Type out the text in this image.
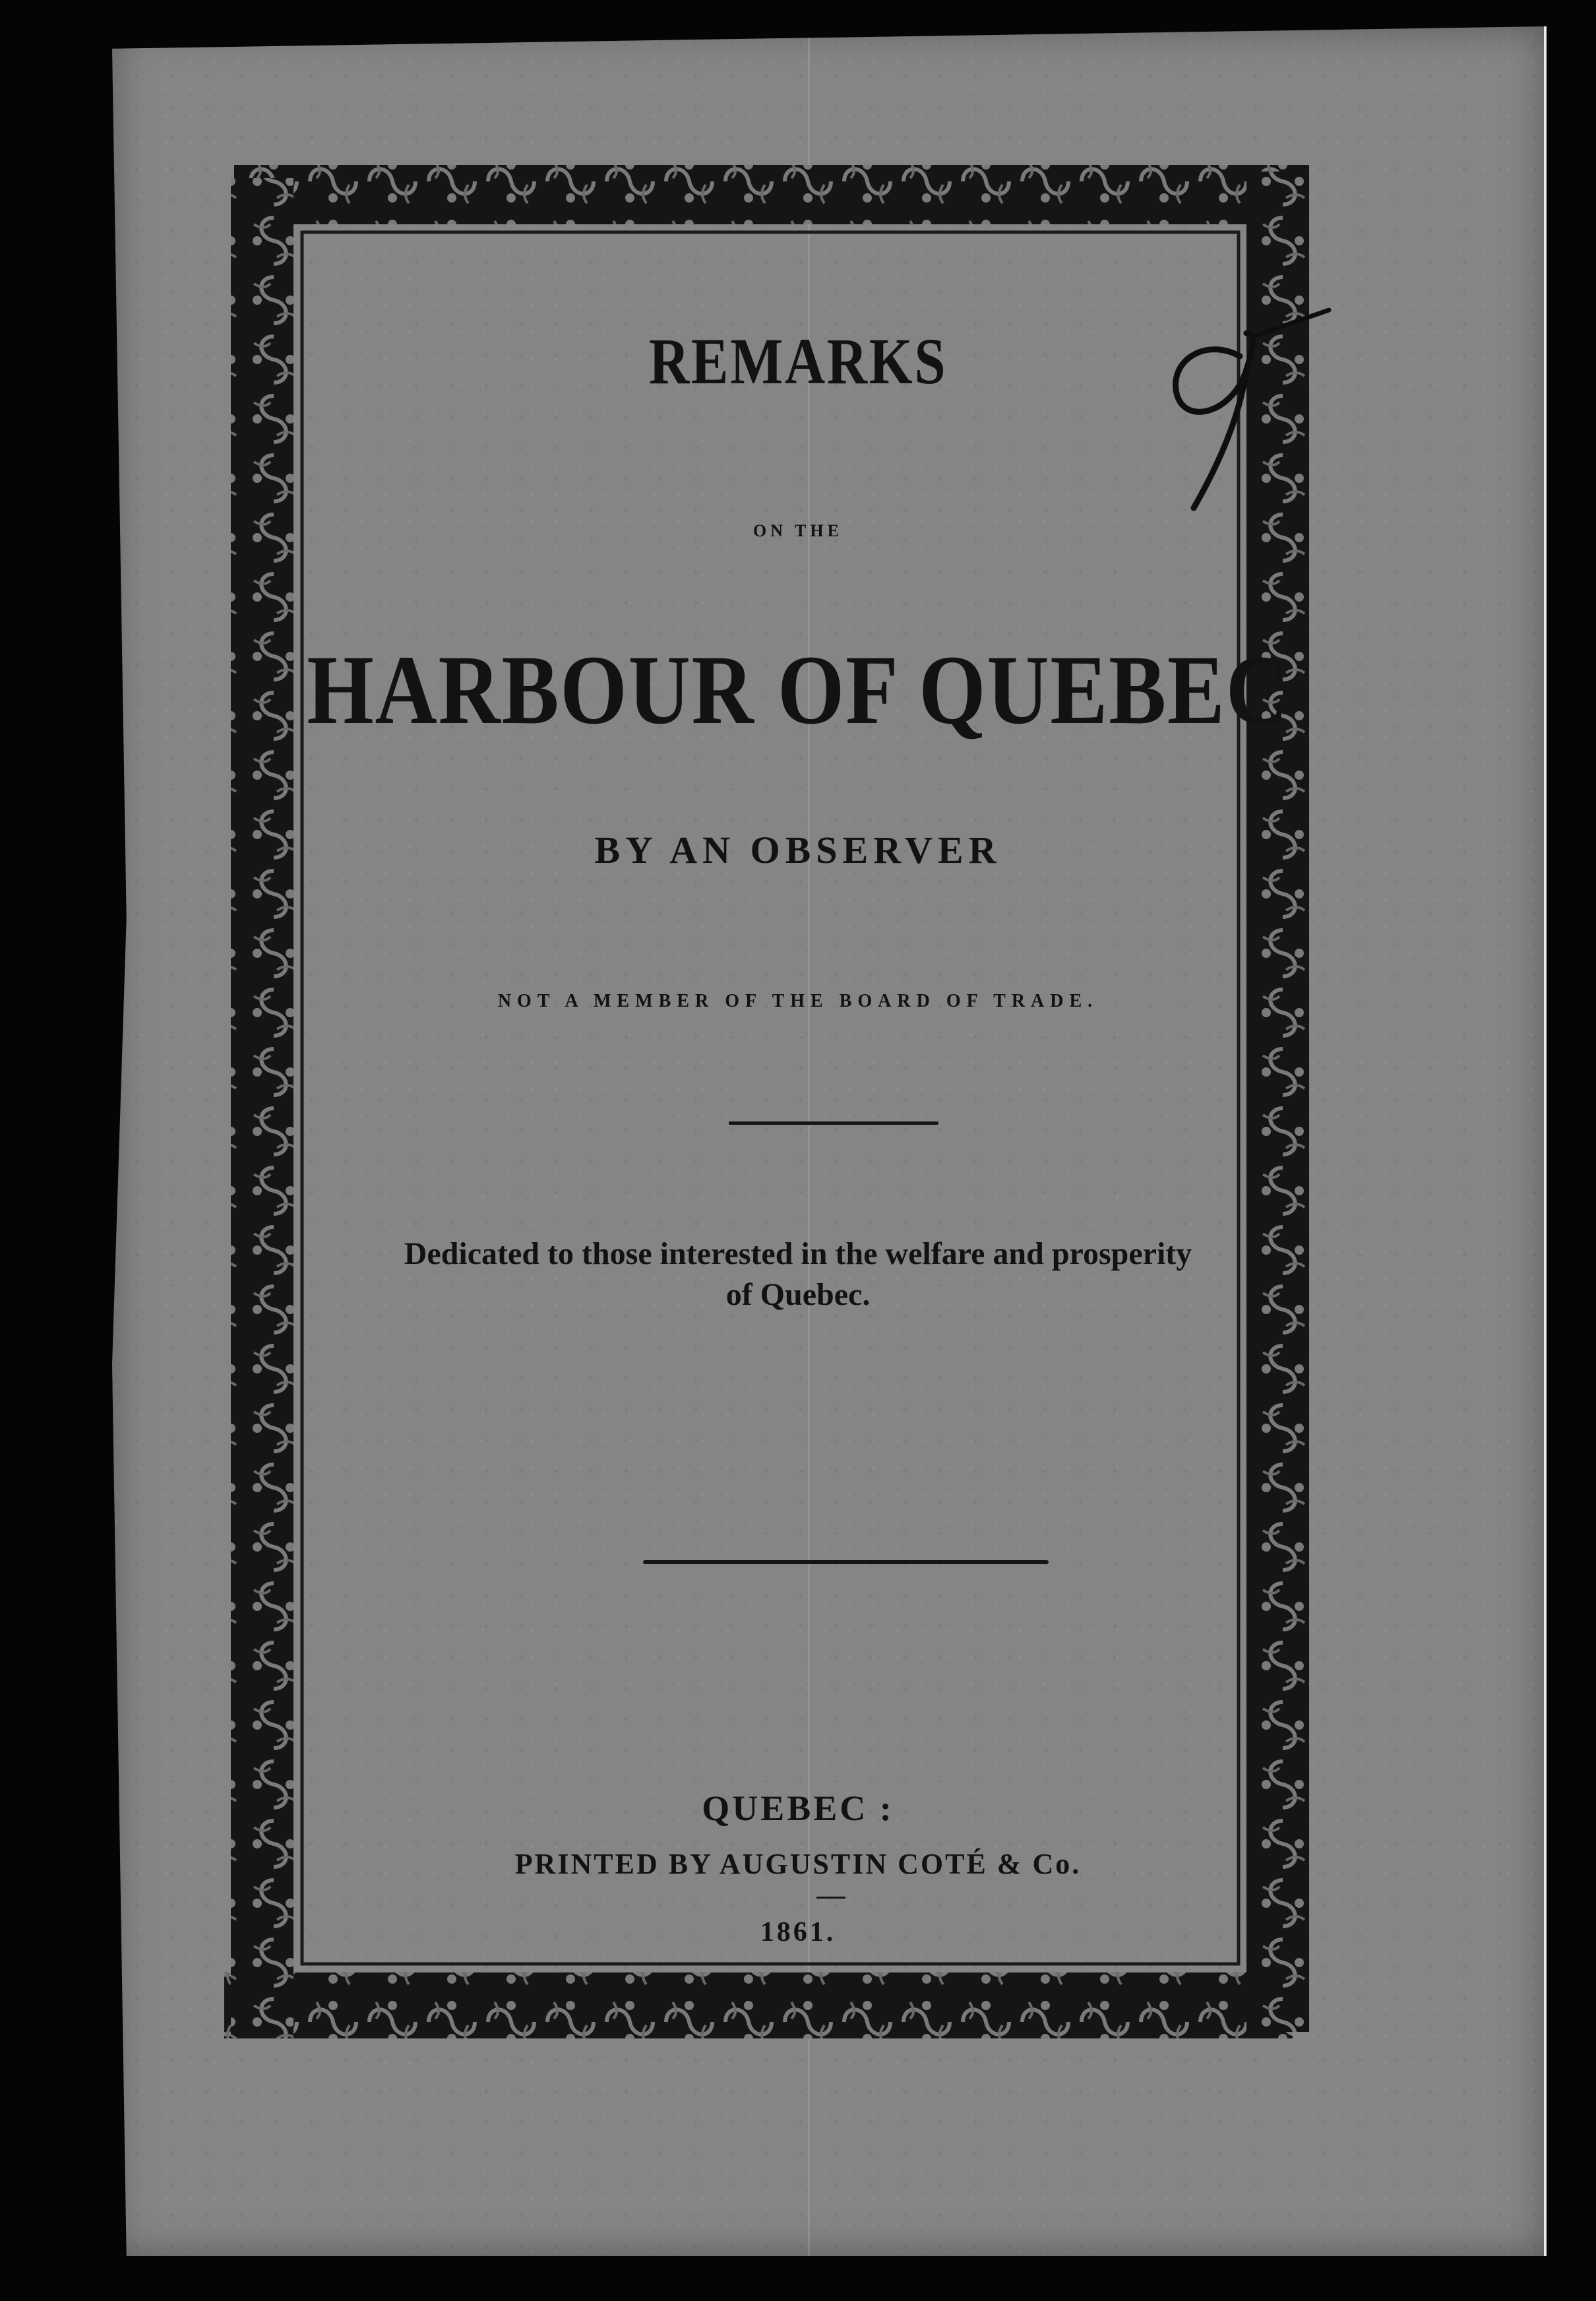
REMARKS
ON THE
HARBOUR OF QUEBEC
BY AN OBSERVER
NOT A MEMBER OF THE BOARD OF TRADE.
Dedicated to those interested in the welfare and prosperity
of Quebec.
QUEBEC :
PRINTED BY AUGUSTIN COTÉ & Co.
1861.
